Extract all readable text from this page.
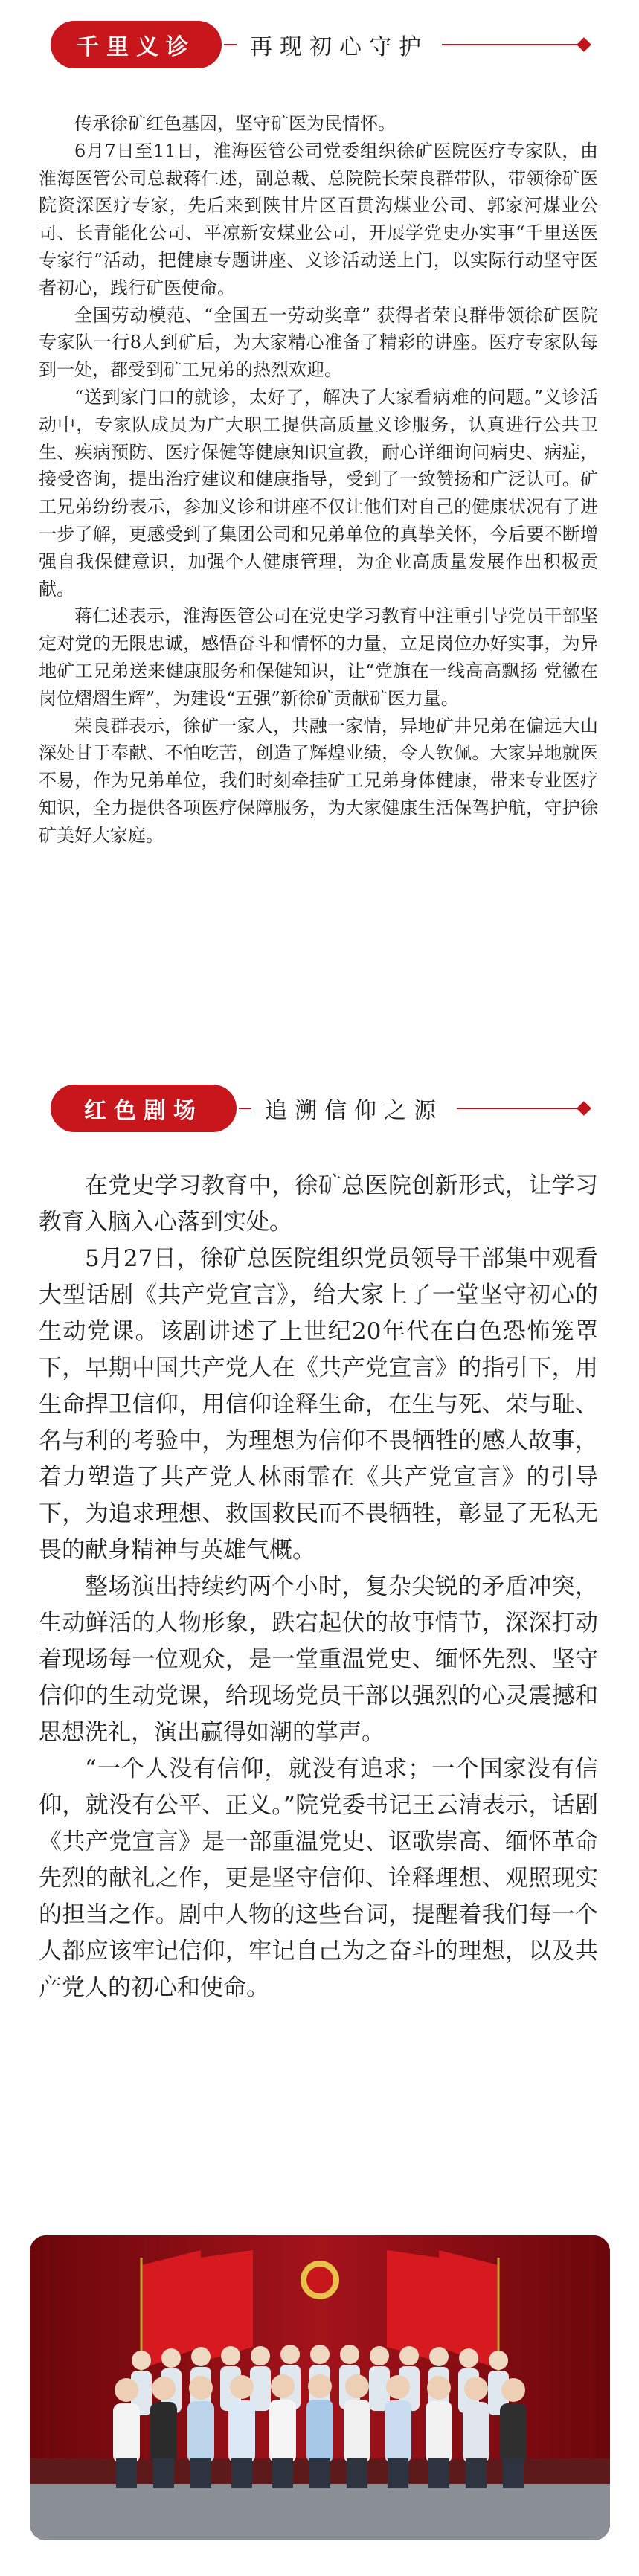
千里义诊	再现初心守护

传承徐矿红色基因，坚守矿医为民情怀。

6月7日至11日，淮海医管公司党委组织徐矿医院医疗专家队，由淮海医管公司总裁蒋仁述，副总裁、总院院长荣良群带队，带领徐矿医院资深医疗专家，先后来到陕甘片区百贯沟煤业公司、郭家河煤业公司、长青能化公司、平凉新安煤业公司，开展学党史办实事“千里送医专家行”活动，把健康专题讲座、义诊活动送上门，以实际行动坚守医者初心，践行矿医使命。

全国劳动模范、“全国五一劳动奖章” 获得者荣良群带领徐矿医院专家队一行8人到矿后，为大家精心准备了精彩的讲座。医疗专家队每到一处，都受到矿工兄弟的热烈欢迎。

“送到家门口的就诊，太好了，解决了大家看病难的问题。”义诊活动中，专家队成员为广大职工提供高质量义诊服务，认真进行公共卫生、疾病预防、医疗保健等健康知识宣教，耐心详细询问病史、病症，接受咨询，提出治疗建议和健康指导，受到了一致赞扬和广泛认可。矿工兄弟纷纷表示，参加义诊和讲座不仅让他们对自己的健康状况有了进一步了解，更感受到了集团公司和兄弟单位的真挚关怀，今后要不断增强自我保健意识，加强个人健康管理，为企业高质量发展作出积极贡献。

蒋仁述表示，淮海医管公司在党史学习教育中注重引导党员干部坚定对党的无限忠诚，感悟奋斗和情怀的力量，立足岗位办好实事，为异地矿工兄弟送来健康服务和保健知识，让“党旗在一线高高飘扬 党徽在岗位熠熠生辉”，为建设“五强”新徐矿贡献矿医力量。

荣良群表示，徐矿一家人，共融一家情，异地矿井兄弟在偏远大山深处甘于奉献、不怕吃苦，创造了辉煌业绩，令人钦佩。大家异地就医不易，作为兄弟单位，我们时刻牵挂矿工兄弟身体健康，带来专业医疗知识，全力提供各项医疗保障服务，为大家健康生活保驾护航，守护徐矿美好大家庭。

红色剧场	追溯信仰之源

在党史学习教育中，徐矿总医院创新形式，让学习教育入脑入心落到实处。

5月27日，徐矿总医院组织党员领导干部集中观看大型话剧《共产党宣言》，给大家上了一堂坚守初心的生动党课。该剧讲述了上世纪20年代在白色恐怖笼罩下，早期中国共产党人在《共产党宣言》的指引下，用生命捍卫信仰，用信仰诠释生命，在生与死、荣与耻、名与利的考验中，为理想为信仰不畏牺牲的感人故事，着力塑造了共产党人林雨霏在《共产党宣言》的引导下，为追求理想、救国救民而不畏牺牲，彰显了无私无畏的献身精神与英雄气概。

整场演出持续约两个小时，复杂尖锐的矛盾冲突，生动鲜活的人物形象，跌宕起伏的故事情节，深深打动着现场每一位观众，是一堂重温党史、缅怀先烈、坚守信仰的生动党课，给现场党员干部以强烈的心灵震撼和思想洗礼，演出赢得如潮的掌声。

“一个人没有信仰，就没有追求；一个国家没有信仰，就没有公平、正义。”院党委书记王云清表示，话剧《共产党宣言》是一部重温党史、讴歌崇高、缅怀革命先烈的献礼之作，更是坚守信仰、诠释理想、观照现实的担当之作。剧中人物的这些台词，提醒着我们每一个人都应该牢记信仰，牢记自己为之奋斗的理想，以及共产党人的初心和使命。
